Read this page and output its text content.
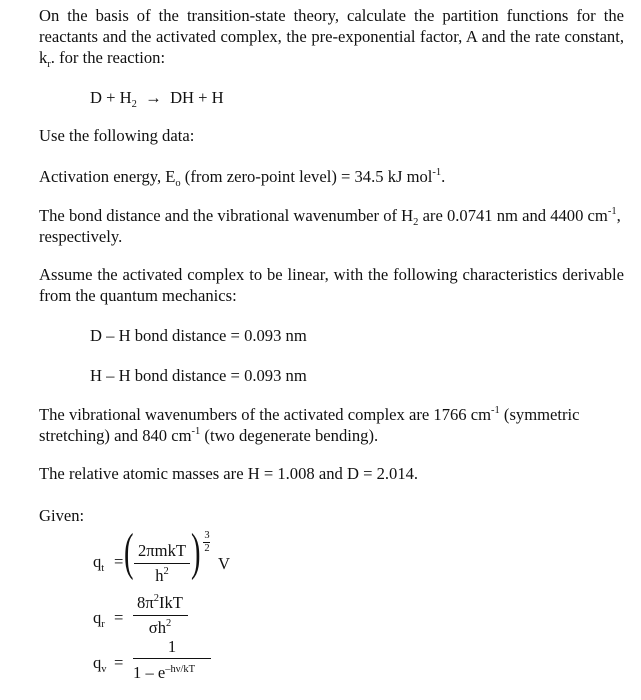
On the basis of the transition-state theory, calculate the partition functions for the reactants and the activated complex, the pre-exponential factor, A and the rate constant, $k_r$. for the reaction:

$D + H_2$ → DH + H

Use the following data:

Activation energy, $E_o$ (from zero-point level) = 34.5 kJ mol$^{-1}$.

The bond distance and the vibrational wavenumber of $H_2$ are 0.0741 nm and 4400 $cm^{-1}$, respectively.

Assume the activated complex to be linear, with the following characteristics derivable from the quantum mechanics:

D – H bond distance = 0.093 nm

H – H bond distance = 0.093 nm

The vibrational wavenumbers of the activated complex are 1766 $cm^{-1}$ (symmetric stretching) and 840 $cm^{-1}$ (two degenerate bending).

The relative atomic masses are H = 1.008 and D = 2.014.

Given:

$q_t$ = ( 2πmkT
$h^2$ ) 3
2
V
$q_r$ =
$8\pi^2IkT$
$\sigma h^2$
$q_v$ =
1
$1 - e^{-h\nu/kT}$
